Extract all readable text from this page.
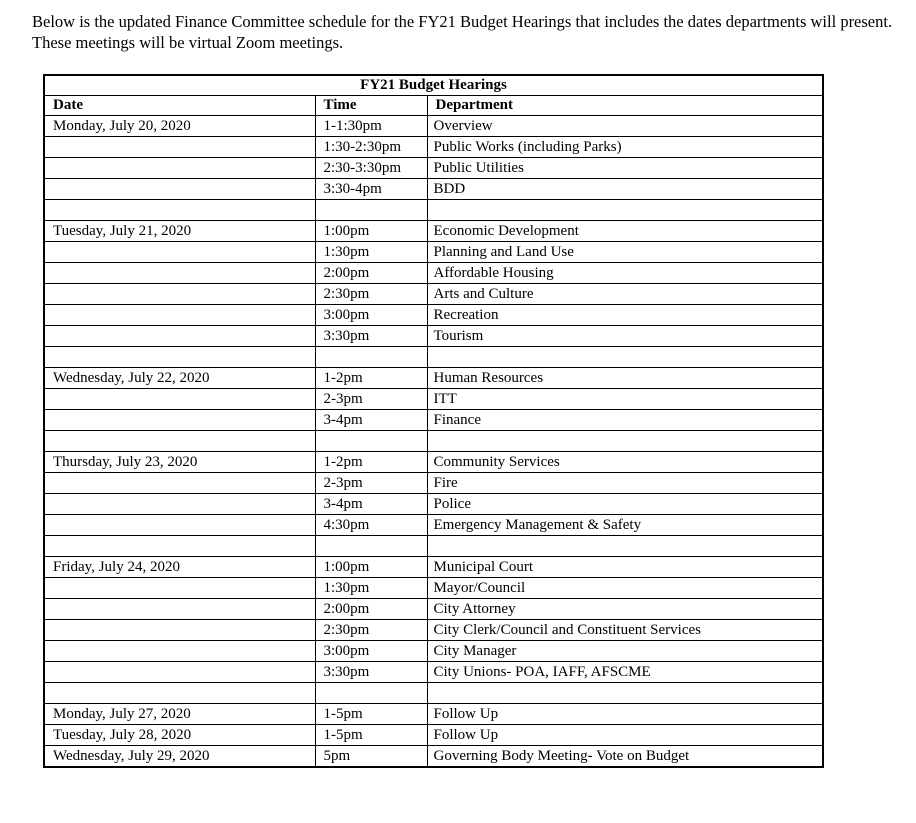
Below is the updated Finance Committee schedule for the FY21 Budget Hearings that includes the dates departments will present. These meetings will be virtual Zoom meetings.

FY21 Budget Hearings		
Date	Time	Department
Monday, July 20, 2020	1-1:30pm	Overview
	1:30-2:30pm	Public Works (including Parks)
	2:30-3:30pm	Public Utilities
	3:30-4pm	BDD

Tuesday, July 21, 2020	1:00pm	Economic Development
	1:30pm	Planning and Land Use
	2:00pm	Affordable Housing
	2:30pm	Arts and Culture
	3:00pm	Recreation
	3:30pm	Tourism

Wednesday, July 22, 2020	1-2pm	Human Resources
	2-3pm	ITT
	3-4pm	Finance

Thursday, July 23, 2020	1-2pm	Community Services
	2-3pm	Fire
	3-4pm	Police
	4:30pm	Emergency Management & Safety

Friday, July 24, 2020	1:00pm	Municipal Court
	1:30pm	Mayor/Council
	2:00pm	City Attorney
	2:30pm	City Clerk/Council and Constituent Services
	3:00pm	City Manager
	3:30pm	City Unions- POA, IAFF, AFSCME

Monday, July 27, 2020	1-5pm	Follow Up
Tuesday, July 28, 2020	1-5pm	Follow Up
Wednesday, July 29, 2020	5pm	Governing Body Meeting- Vote on Budget
